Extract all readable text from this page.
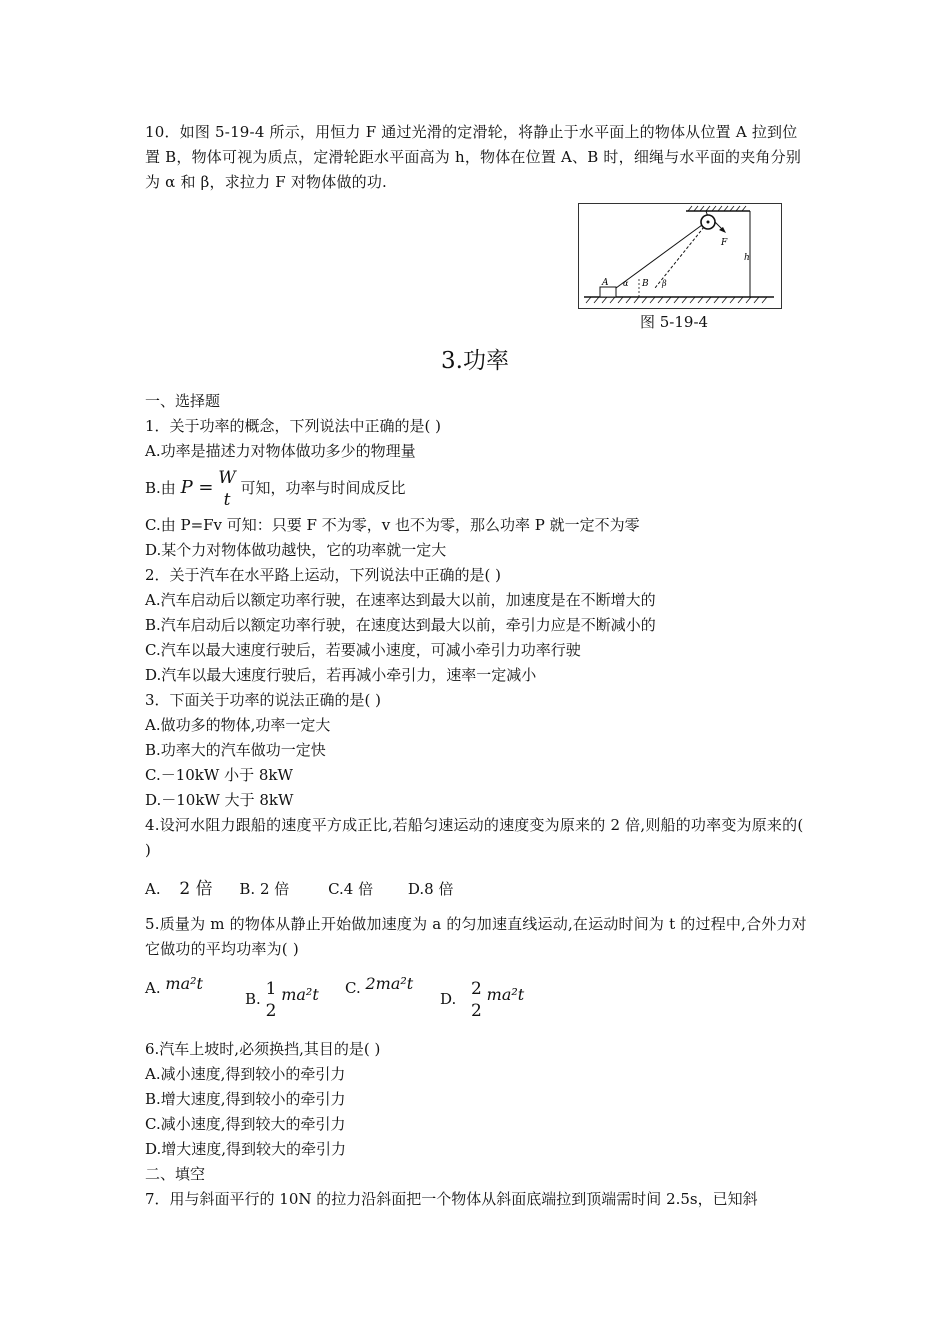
10．如图 5-19-4 所示，用恒力 F 通过光滑的定滑轮，将静止于水平面上的物体从位置 A 拉到位置 B，物体可视为质点，定滑轮距水平面高为 h，物体在位置 A、B 时，细绳与水平面的夹角分别为 α 和 β，求拉力 F 对物体做的功.
F
h
A α B β
图 5-19-4
3.功率
一、选择题
1．关于功率的概念，下列说法中正确的是( )
A.功率是描述力对物体做功多少的物理量
B.由 P = W
t
可知，功率与时间成反比
C.由 P=Fv 可知：只要 F 不为零，v 也不为零，那么功率 P 就一定不为零
D.某个力对物体做功越快，它的功率就一定大
2．关于汽车在水平路上运动，下列说法中正确的是( )
A.汽车启动后以额定功率行驶，在速率达到最大以前，加速度是在不断增大的
B.汽车启动后以额定功率行驶，在速度达到最大以前，牵引力应是不断减小的
C.汽车以最大速度行驶后，若要减小速度，可减小牵引力功率行驶
D.汽车以最大速度行驶后，若再减小牵引力，速率一定减小
3．下面关于功率的说法正确的是( )
A.做功多的物体,功率一定大
B.功率大的汽车做功一定快
C.－10kW 小于 8kW
D.－10kW 大于 8kW
4.设河水阻力跟船的速度平方成正比,若船匀速运动的速度变为原来的 2 倍,则船的功率变为原来的( )
A. 2 倍 B. 2 倍	C.4 倍 D.8 倍
5.质量为 m 的物体从静止开始做加速度为 a 的匀加速直线运动,在运动时间为 t 的过程中,合外力对它做功的平均功率为( )
A. ma²t
B. 1
2
ma²t C. 2ma²t
D. 2
2
ma²t
6.汽车上坡时,必须换挡,其目的是( )
A.减小速度,得到较小的牵引力
B.增大速度,得到较小的牵引力
C.减小速度,得到较大的牵引力
D.增大速度,得到较大的牵引力
二、填空
7．用与斜面平行的 10N 的拉力沿斜面把一个物体从斜面底端拉到顶端需时间 2.5s，已知斜
